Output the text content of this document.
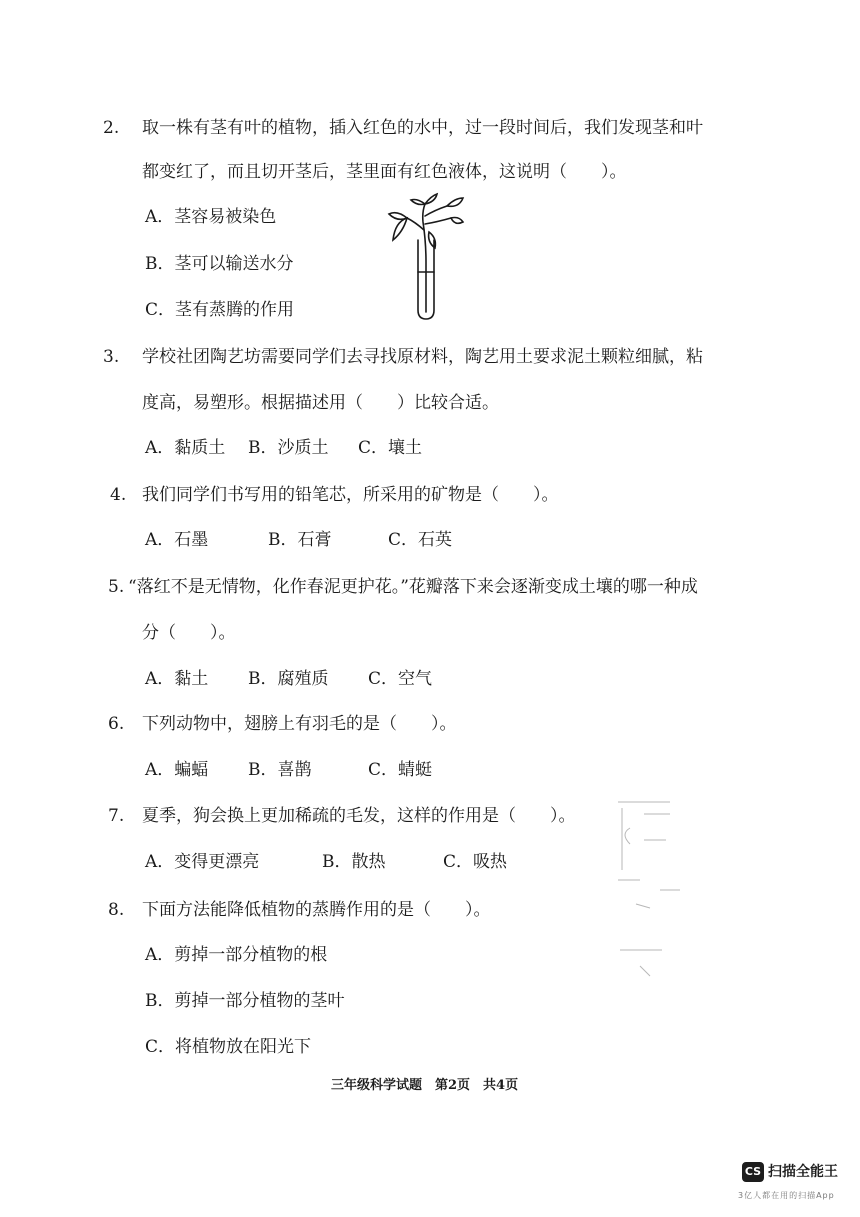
2. 取一株有茎有叶的植物，插入红色的水中，过一段时间后，我们发现茎和叶
都变红了，而且切开茎后，茎里面有红色液体，这说明（　　）。
A．茎容易被染色
B．茎可以输送水分
C．茎有蒸腾的作用
3. 学校社团陶艺坊需要同学们去寻找原材料，陶艺用土要求泥土颗粒细腻，粘
度高，易塑形。根据描述用（　　）比较合适。
A．黏质土 B．沙质土 C．壤土
4. 我们同学们书写用的铅笔芯，所采用的矿物是（　　）。
A．石墨	B．石膏	C．石英
5. “落红不是无情物，化作春泥更护花。”花瓣落下来会逐渐变成土壤的哪一种成
分（　　）。
A．黏土 B．腐殖质 C．空气
6. 下列动物中，翅膀上有羽毛的是（　　）。
A．蝙蝠 B．喜鹊	C．蜻蜓
7. 夏季，狗会换上更加稀疏的毛发，这样的作用是（　　）。
A．变得更漂亮	B．散热	C．吸热
8. 下面方法能降低植物的蒸腾作用的是（　　）。
A．剪掉一部分植物的根
B．剪掉一部分植物的茎叶
C．将植物放在阳光下
三年级科学试题　第2页　共4页
CS 扫描全能王
3亿人都在用的扫描App
